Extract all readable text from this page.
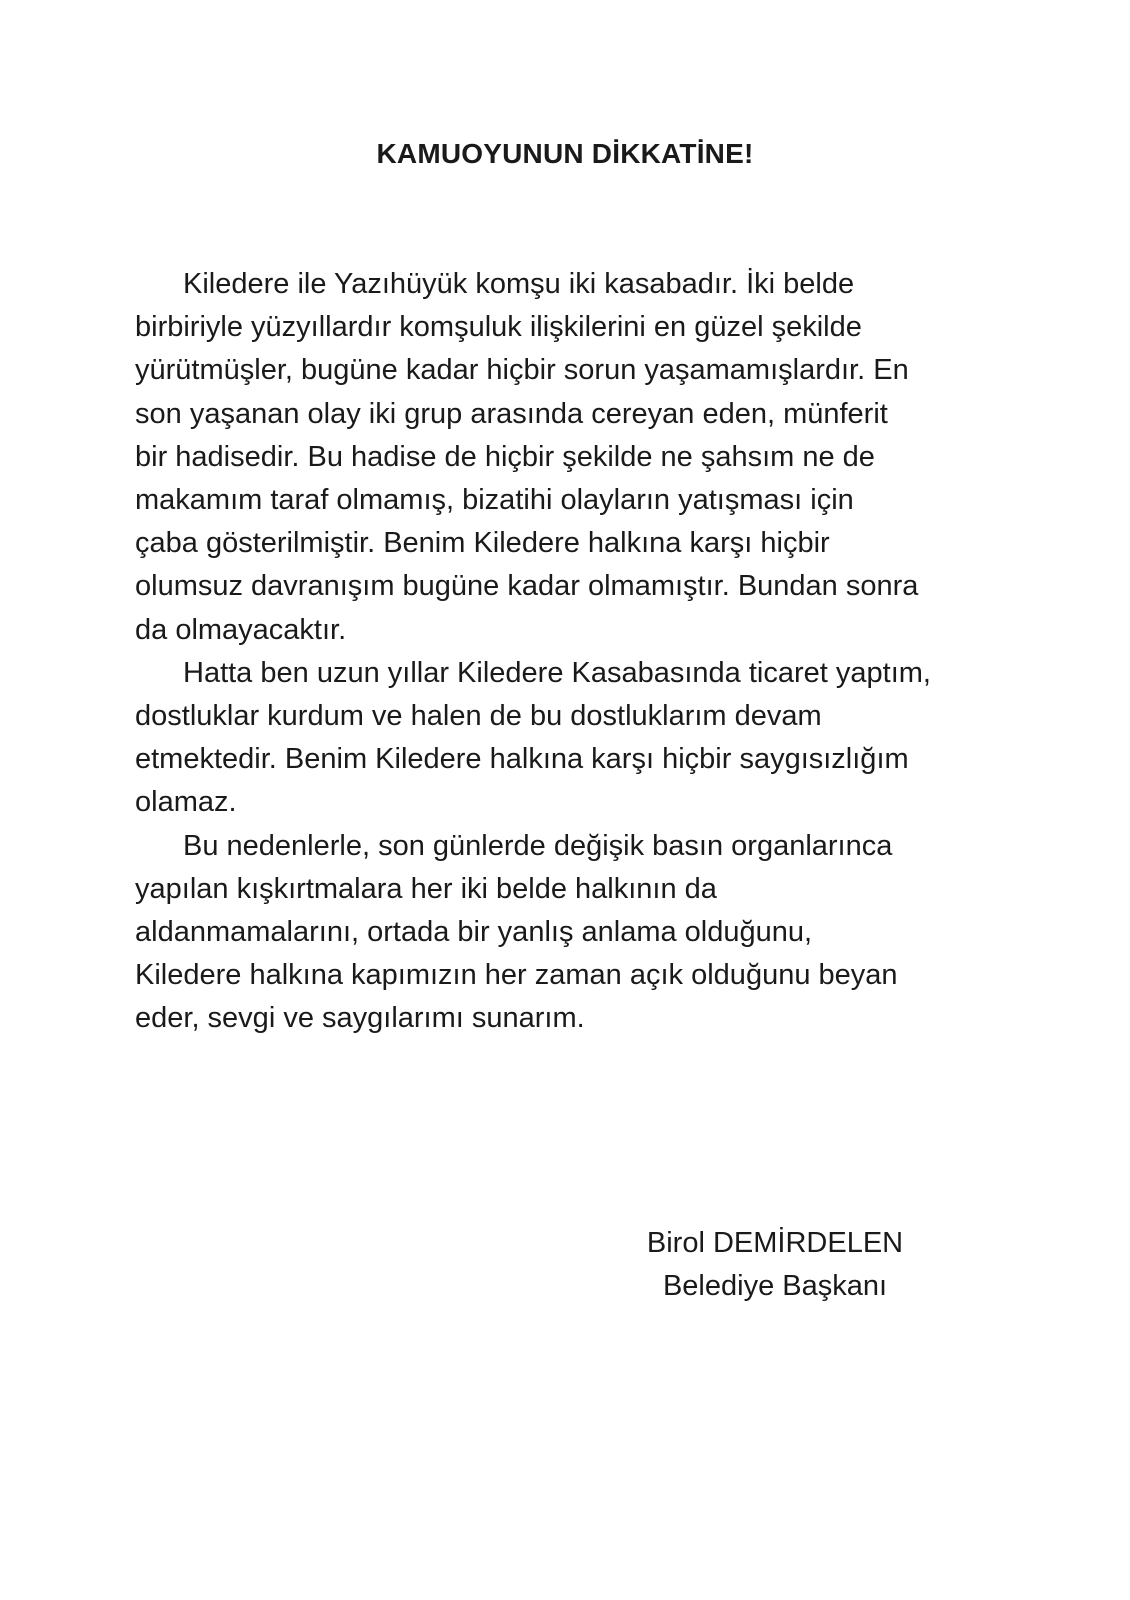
KAMUOYUNUN DİKKATİNE!
Kiledere ile Yazıhüyük komşu iki kasabadır. İki belde
birbiriyle yüzyıllardır komşuluk ilişkilerini en güzel şekilde
yürütmüşler, bugüne kadar hiçbir sorun yaşamamışlardır. En
son yaşanan olay iki grup arasında cereyan eden, münferit
bir hadisedir. Bu hadise de hiçbir şekilde ne şahsım ne de
makamım taraf olmamış, bizatihi olayların yatışması için
çaba gösterilmiştir. Benim Kiledere halkına karşı hiçbir
olumsuz davranışım bugüne kadar olmamıştır. Bundan sonra
da olmayacaktır.
Hatta ben uzun yıllar Kiledere Kasabasında ticaret yaptım,
dostluklar kurdum ve halen de bu dostluklarım devam
etmektedir. Benim Kiledere halkına karşı hiçbir saygısızlığım
olamaz.
Bu nedenlerle, son günlerde değişik basın organlarınca
yapılan kışkırtmalara her iki belde halkının da
aldanmamalarını, ortada bir yanlış anlama olduğunu,
Kiledere halkına kapımızın her zaman açık olduğunu beyan
eder, sevgi ve saygılarımı sunarım.
Birol DEMİRDELEN
Belediye Başkanı
